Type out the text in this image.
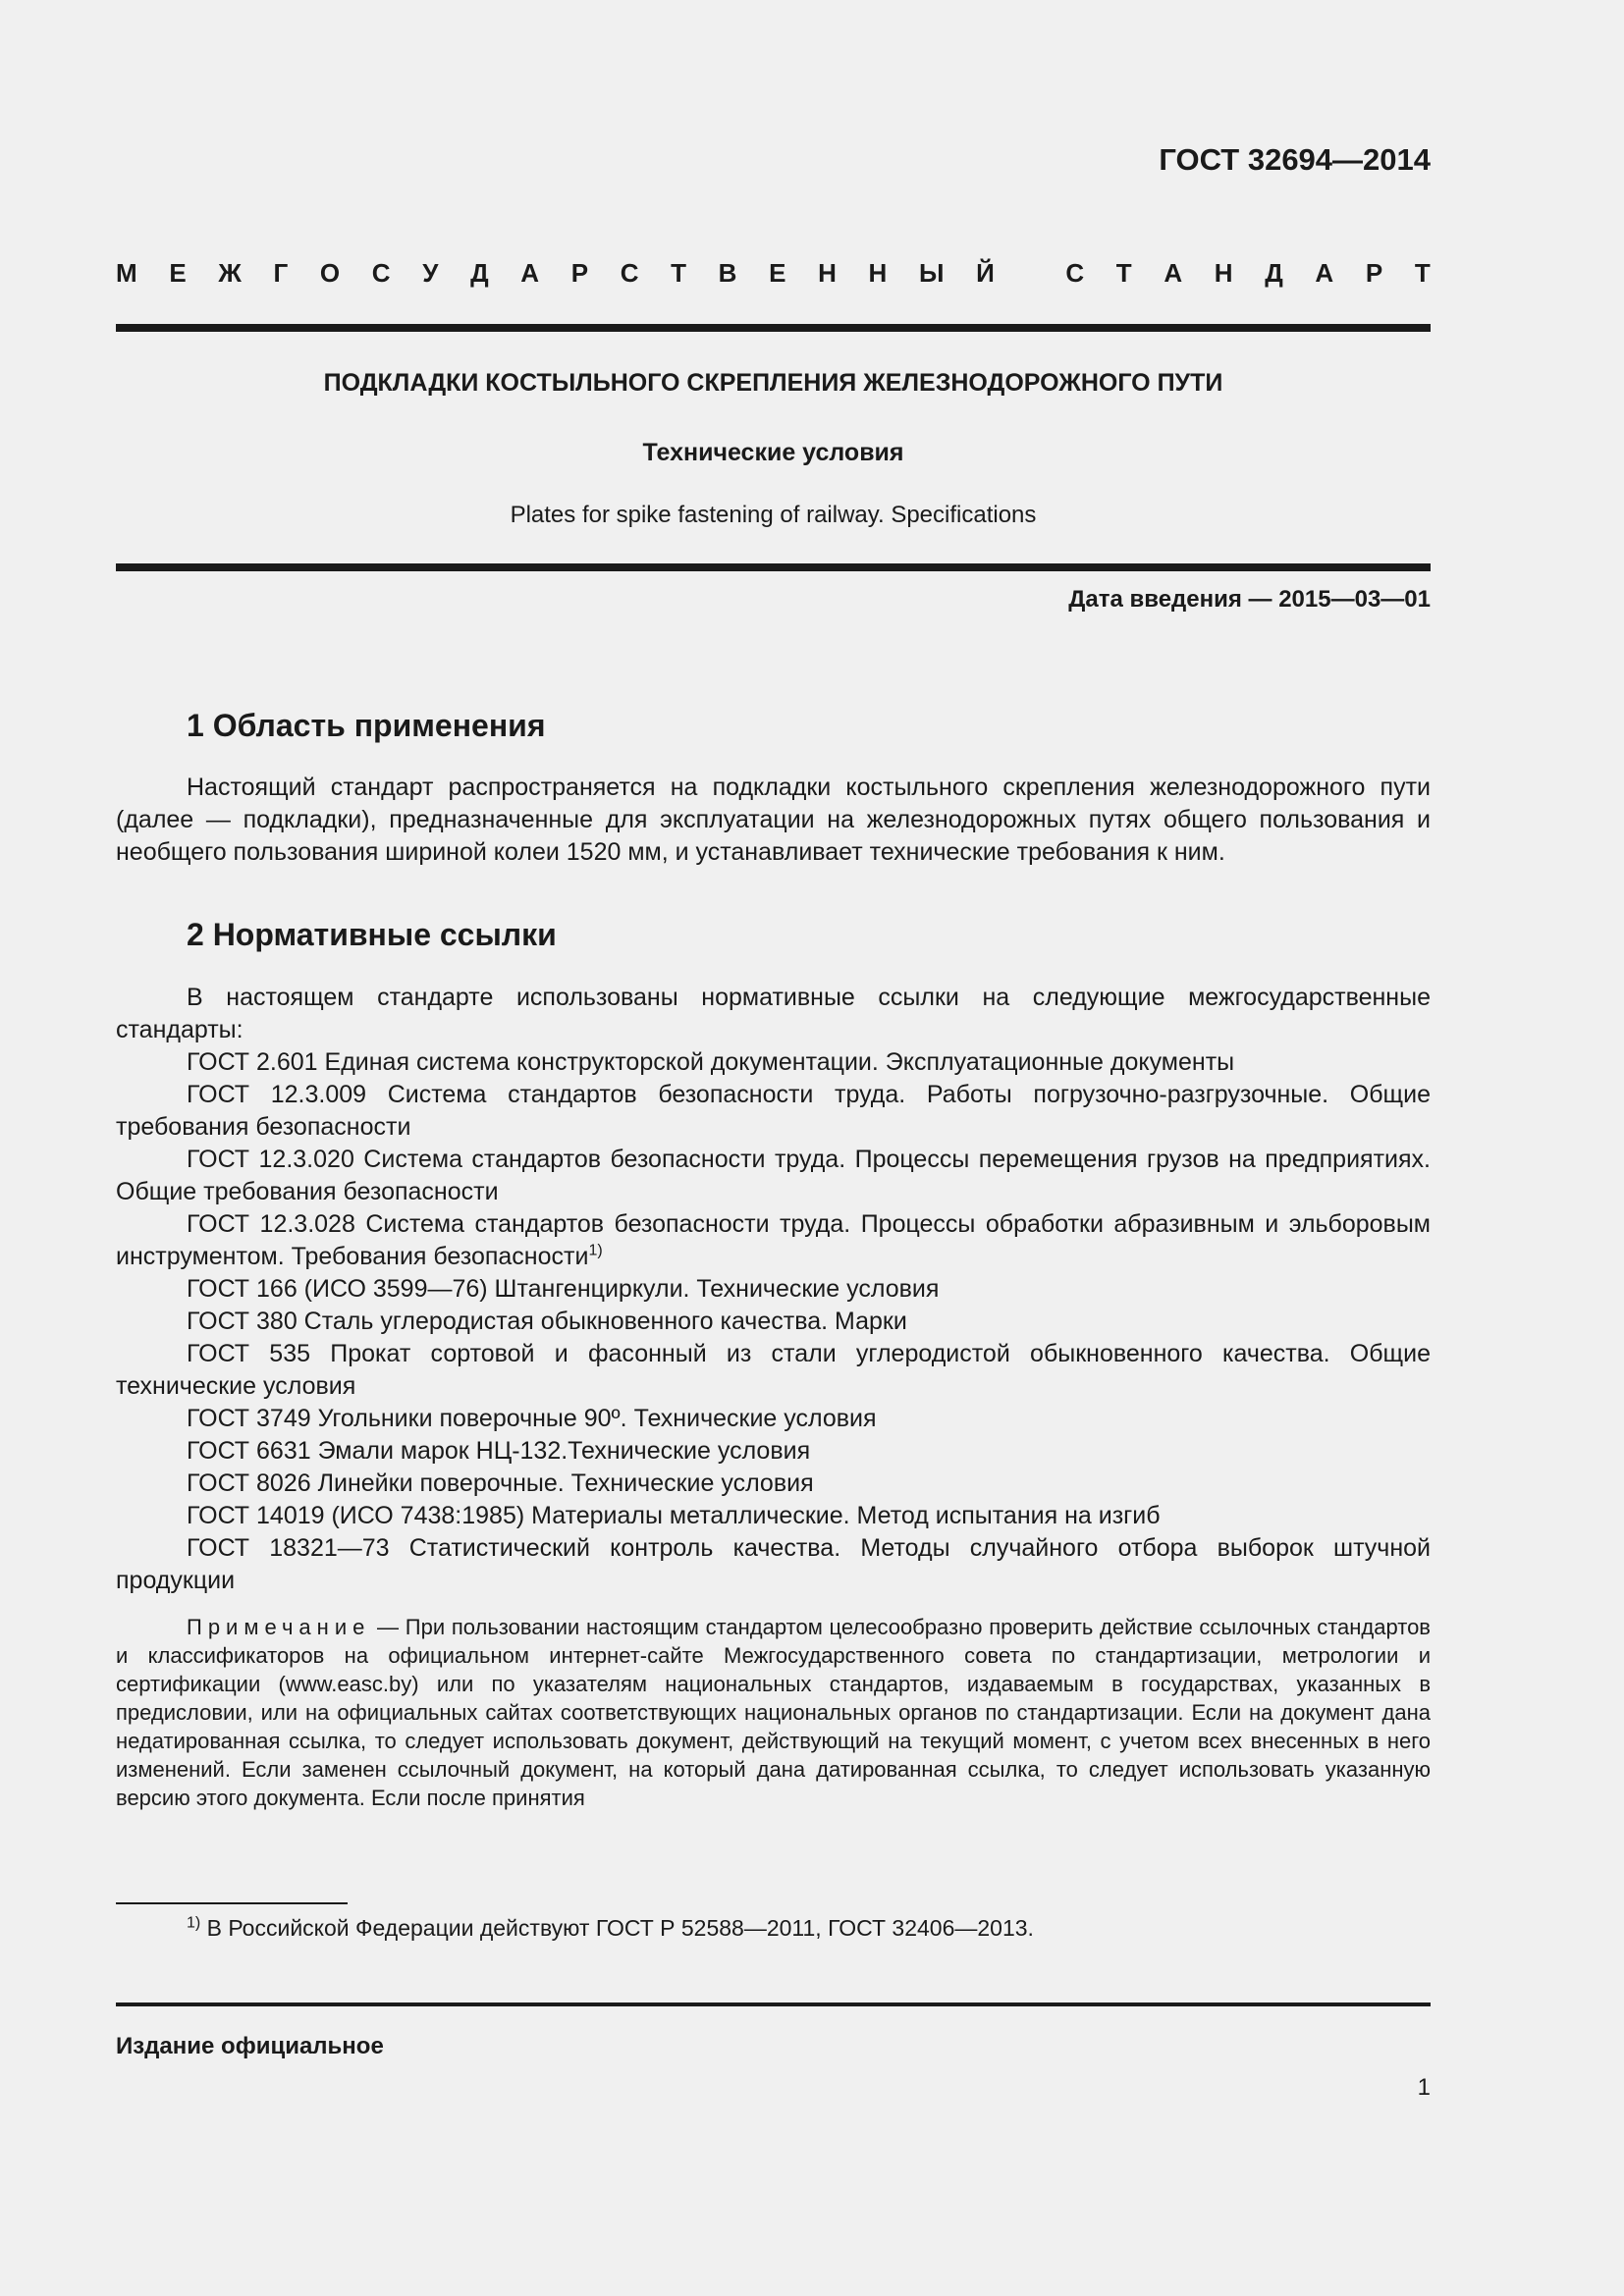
ГОСТ 32694—2014

М Е Ж Г О С У Д А Р С Т В Е Н Н Ы Й
	С Т А Н Д А Р Т

ПОДКЛАДКИ КОСТЫЛЬНОГО СКРЕПЛЕНИЯ ЖЕЛЕЗНОДОРОЖНОГО ПУТИ

Технические условия

Plates for spike fastening of railway. Specifications

Дата введения — 2015—03—01

1 Область применения

Настоящий стандарт распространяется на подкладки костыльного скрепления железнодорожного пути (далее — подкладки), предназначенные для эксплуатации на железнодорожных путях общего пользования и необщего пользования шириной колеи 1520 мм, и устанавливает технические требования к ним.

2 Нормативные ссылки

В настоящем стандарте использованы нормативные ссылки на следующие межгосударственные стандарты:

ГОСТ 2.601 Единая система конструкторской документации. Эксплуатационные документы

ГОСТ 12.3.009 Система стандартов безопасности труда. Работы погрузочно-разгрузочные. Общие требования безопасности

ГОСТ 12.3.020 Система стандартов безопасности труда. Процессы перемещения грузов на предприятиях. Общие требования безопасности

ГОСТ 12.3.028 Система стандартов безопасности труда. Процессы обработки абразивным и эльборовым инструментом. Требования безопасности$^{1)}$

ГОСТ 166 (ИСО 3599—76) Штангенциркули. Технические условия

ГОСТ 380 Сталь углеродистая обыкновенного качества. Марки

ГОСТ 535 Прокат сортовой и фасонный из стали углеродистой обыкновенного качества. Общие технические условия

ГОСТ 3749 Угольники поверочные 90º. Технические условия

ГОСТ 6631 Эмали марок НЦ-132.Технические условия

ГОСТ 8026 Линейки поверочные. Технические условия

ГОСТ 14019 (ИСО 7438:1985) Материалы металлические. Метод испытания на изгиб

ГОСТ 18321—73 Статистический контроль качества. Методы случайного отбора выборок штучной продукции

Примечание — При пользовании настоящим стандартом целесообразно проверить действие ссылочных стандартов и классификаторов на официальном интернет-сайте Межгосударственного совета по стандартизации, метрологии и сертификации (www.easc.by) или по указателям национальных стандартов, издаваемым в государствах, указанных в предисловии, или на официальных сайтах соответствующих национальных органов по стандартизации. Если на документ дана недатированная ссылка, то следует использовать документ, действующий на текущий момент, с учетом всех внесенных в него изменений. Если заменен ссылочный документ, на который дана датированная ссылка, то следует использовать указанную версию этого документа. Если после принятия

$^{1)}$ В Российской Федерации действуют ГОСТ Р 52588—2011, ГОСТ 32406—2013.

Издание официальное

1
